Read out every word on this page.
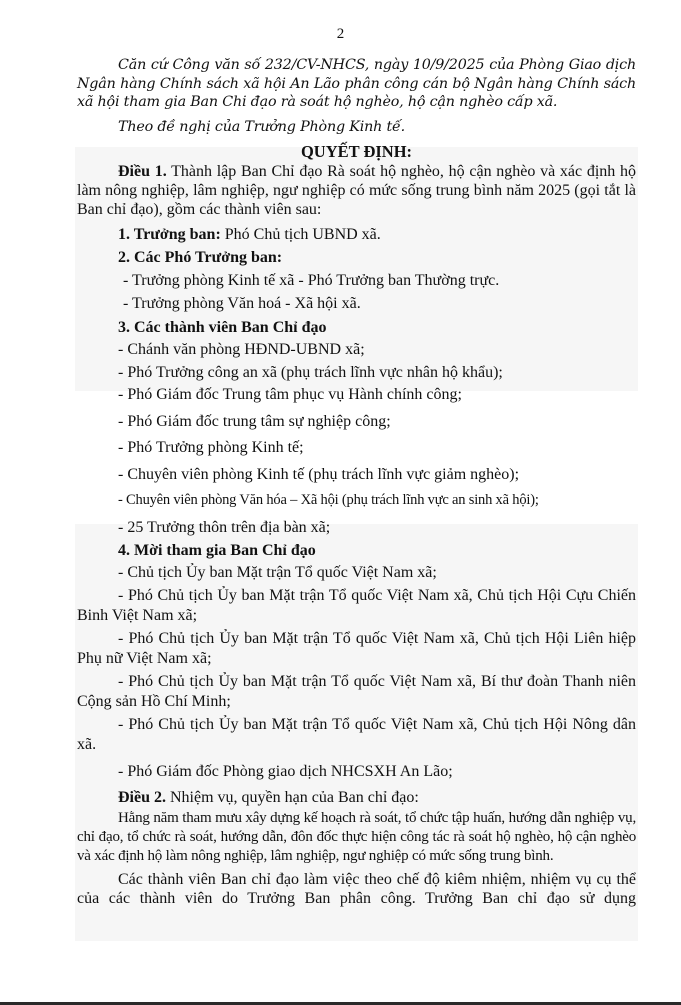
2

Căn cứ Công văn số 232/CV-NHCS, ngày 10/9/2025 của Phòng Giao dịch Ngân hàng Chính sách xã hội An Lão phân công cán bộ Ngân hàng Chính sách xã hội tham gia Ban Chi đạo rà soát hộ nghèo, hộ cận nghèo cấp xã.

Theo đề nghị của Trưởng Phòng Kinh tế.

QUYẾT ĐỊNH:

Điều 1. Thành lập Ban Chỉ đạo Rà soát hộ nghèo, hộ cận nghèo và xác định hộ làm nông nghiệp, lâm nghiệp, ngư nghiệp có mức sống trung bình năm 2025 (gọi tắt là Ban chỉ đạo), gồm các thành viên sau:

1. Trưởng ban: Phó Chủ tịch UBND xã.

2. Các Phó Trưởng ban:

- Trưởng phòng Kinh tế xã - Phó Trưởng ban Thường trực.

- Trưởng phòng Văn hoá - Xã hội xã.

3. Các thành viên Ban Chỉ đạo

- Chánh văn phòng HĐND-UBND xã;

- Phó Trưởng công an xã (phụ trách lĩnh vực nhân hộ khẩu);

- Phó Giám đốc Trung tâm phục vụ Hành chính công;

- Phó Giám đốc trung tâm sự nghiệp công;

- Phó Trưởng phòng Kinh tế;

- Chuyên viên phòng Kinh tế (phụ trách lĩnh vực giảm nghèo);

- Chuyên viên phòng Văn hóa – Xã hội (phụ trách lĩnh vực an sinh xã hội);

- 25 Trưởng thôn trên địa bàn xã;

4. Mời tham gia Ban Chỉ đạo

- Chủ tịch Ủy ban Mặt trận Tổ quốc Việt Nam xã;

- Phó Chủ tịch Ủy ban Mặt trận Tổ quốc Việt Nam xã, Chủ tịch Hội Cựu Chiến Binh Việt Nam xã;

- Phó Chủ tịch Ủy ban Mặt trận Tổ quốc Việt Nam xã, Chủ tịch Hội Liên hiệp Phụ nữ Việt Nam xã;

- Phó Chủ tịch Ủy ban Mặt trận Tổ quốc Việt Nam xã, Bí thư đoàn Thanh niên Cộng sản Hồ Chí Minh;

- Phó Chủ tịch Ủy ban Mặt trận Tổ quốc Việt Nam xã, Chủ tịch Hội Nông dân xã.

- Phó Giám đốc Phòng giao dịch NHCSXH An Lão;

Điều 2. Nhiệm vụ, quyền hạn của Ban chỉ đạo:

Hằng năm tham mưu xây dựng kế hoạch rà soát, tổ chức tập huấn, hướng dẫn nghiệp vụ, chỉ đạo, tổ chức rà soát, hướng dẫn, đôn đốc thực hiện công tác rà soát hộ nghèo, hộ cận nghèo và xác định hộ làm nông nghiệp, lâm nghiệp, ngư nghiệp có mức sống trung bình.

Các thành viên Ban chỉ đạo làm việc theo chế độ kiêm nhiệm, nhiệm vụ cụ thể của các thành viên do Trưởng Ban phân công. Trưởng Ban chỉ đạo sử dụng
